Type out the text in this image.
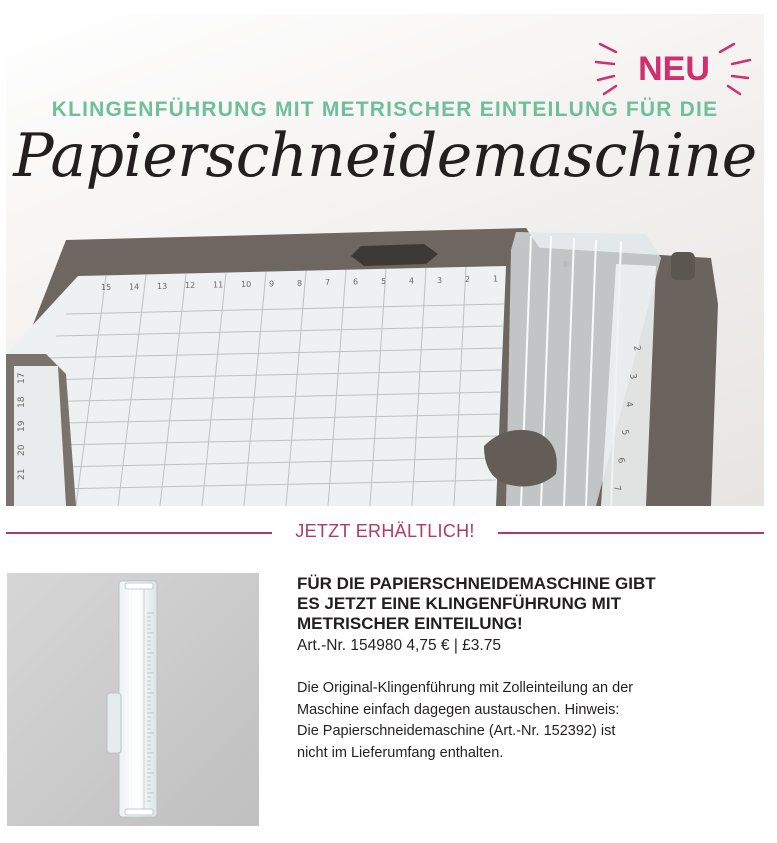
15 14 13 12 11 10 9	8	7	6	5	4	3	2	1
17
18
19
20
21
2
3
4
5
6
7
NEU
KLINGENFÜHRUNG MIT METRISCHER EINTEILUNG FÜR DIE
Papierschneidemaschine
JETZT ERHÄLTLICH!
FÜR DIE PAPIERSCHNEIDEMASCHINE GIBT
ES JETZT EINE KLINGENFÜHRUNG MIT
METRISCHER EINTEILUNG!
Art.-Nr. 154980 4,75 € | £3.75
Die Original-Klingenführung mit Zolleinteilung an der
Maschine einfach dagegen austauschen. Hinweis:
Die Papierschneidemaschine (Art.-Nr. 152392) ist
nicht im Lieferumfang enthalten.
